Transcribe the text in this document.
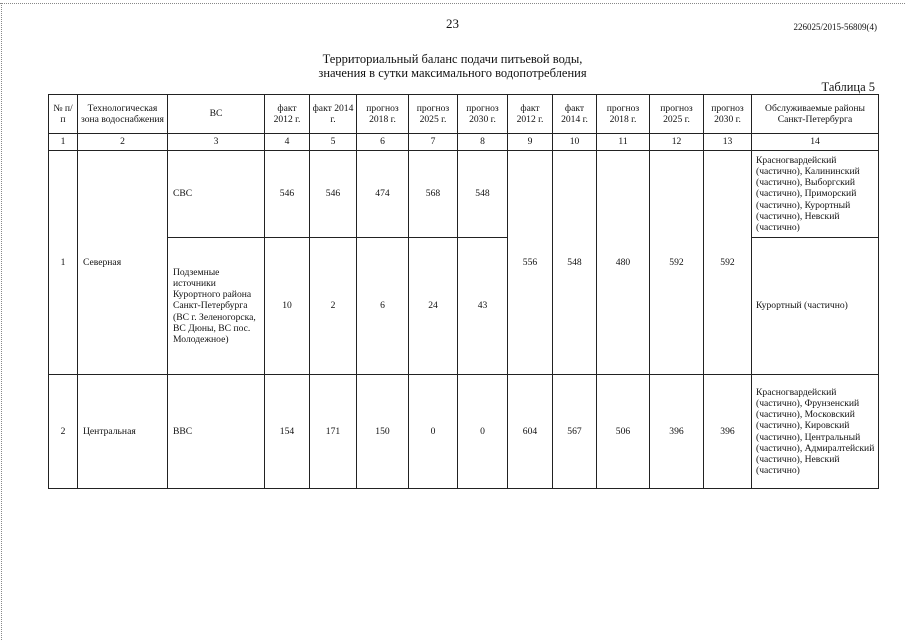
23	226025/2015-56809(4)
Территориальный баланс подачи питьевой воды,
значения в сутки максимального водопотребления
Таблица 5
№ п/п	Технологическая зона водоснабжения	ВС	факт 2012 г.	факт 2014 г.	прогноз 2018 г.	прогноз 2025 г.	прогноз 2030 г.	факт 2012 г.	факт 2014 г.	прогноз 2018 г.	прогноз 2025 г.	прогноз 2030 г.	Обслуживаемые районы Санкт-Петербурга
1	2	3	4	5	6	7	8	9	10	11	12	13	14
1	Северная	СВС	546	546	474	568	548	556	548	480	592	592	Красногвардейский (частично), Калининский (частично), Выборгский (частично), Приморский (частично), Курортный (частично), Невский (частично)
		Подземные источники Курортного района Санкт-Петербурга (ВС г. Зеленогорска, ВС Дюны, ВС пос. Молодежное)	10	2	6	24	43						Курортный (частично)
2	Центральная	ВВС	154	171	150	0	0	604	567	506	396	396	Красногвардейский (частично), Фрунзенский (частично), Московский (частично), Кировский (частично), Центральный (частично), Адмиралтейский (частично), Невский (частично)
